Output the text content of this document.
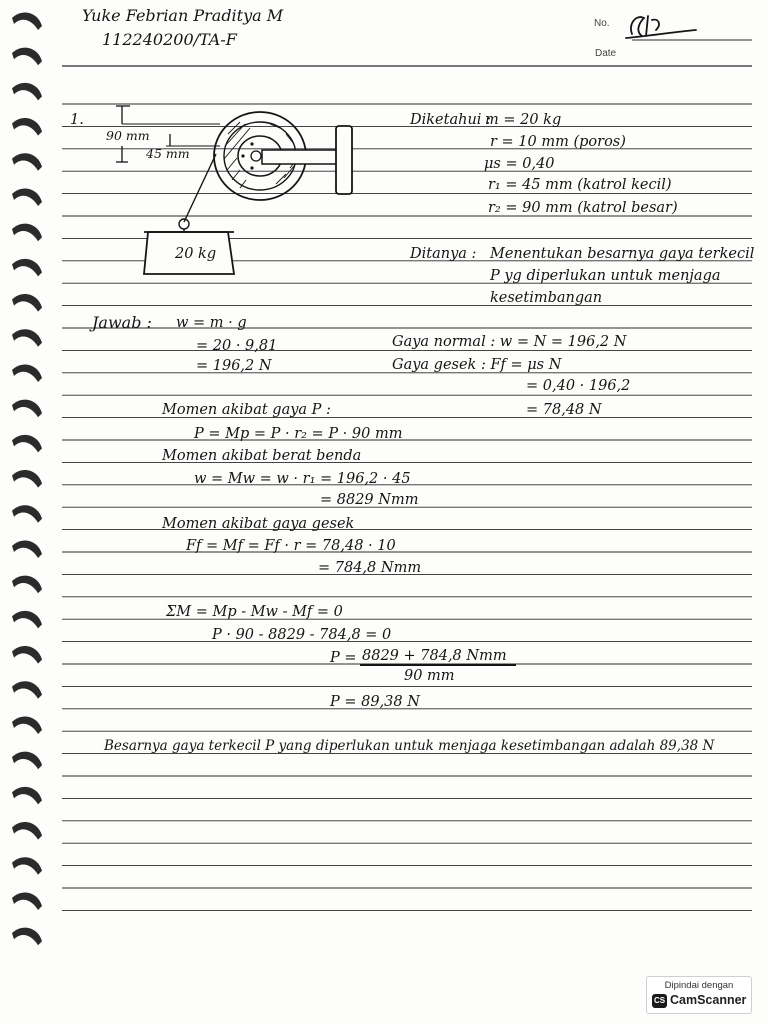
Yuke Febrian Praditya M
112240200/TA-F
No.
Date
1.
90 mm
45 mm
20 kg
Diketahui :
m = 20 kg
r = 10 mm (poros)
μs = 0,40
r₁ = 45 mm (katrol kecil)
r₂ = 90 mm (katrol besar)
Ditanya : Menentukan besarnya gaya terkecil
P yg diperlukan untuk menjaga
kesetimbangan
Jawab : w = m · g
= 20 · 9,81
= 196,2 N
Gaya normal : w = N = 196,2 N
Gaya gesek : Ff = μs N
= 0,40 · 196,2
= 78,48 N
Momen akibat gaya P :
P = Mp = P · r₂ = P · 90 mm
Momen akibat berat benda
w = Mw = w · r₁ = 196,2 · 45
= 8829 Nmm
Momen akibat gaya gesek
Ff = Mf = Ff · r = 78,48 · 10
= 784,8 Nmm
ΣM = Mp - Mw - Mf = 0
P · 90 - 8829 - 784,8 = 0
P = 8829 + 784,8 Nmm
90 mm
P = 89,38 N
Besarnya gaya terkecil P yang diperlukan untuk menjaga kesetimbangan adalah 89,38 N
Dipindai dengan
CS CamScanner
